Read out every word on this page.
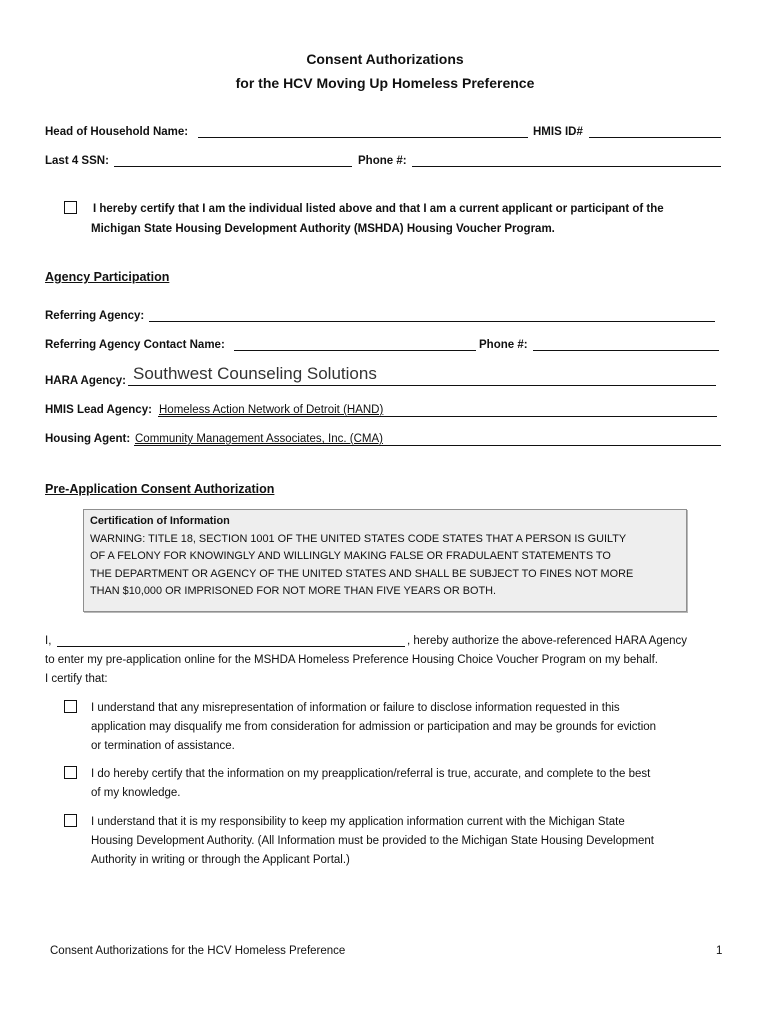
Consent Authorizations
for the HCV Moving Up Homeless Preference
Head of Household Name:	HMIS ID#
Last 4 SSN:	Phone #:
I hereby certify that I am the individual listed above and that I am a current applicant or participant of the
Michigan State Housing Development Authority (MSHDA) Housing Voucher Program.
Agency Participation
Referring Agency:
Referring Agency Contact Name:	Phone #:
HARA Agency: Southwest Counseling Solutions
HMIS Lead Agency: Homeless Action Network of Detroit (HAND)
Housing Agent: Community Management Associates, Inc. (CMA)
Pre-Application Consent Authorization
Certification of Information
WARNING: TITLE 18, SECTION 1001 OF THE UNITED STATES CODE STATES THAT A PERSON IS GUILTY
OF A FELONY FOR KNOWINGLY AND WILLINGLY MAKING FALSE OR FRADULAENT STATEMENTS TO
THE DEPARTMENT OR AGENCY OF THE UNITED STATES AND SHALL BE SUBJECT TO FINES NOT MORE
THAN $10,000 OR IMPRISONED FOR NOT MORE THAN FIVE YEARS OR BOTH.
I,	, hereby authorize the above-referenced HARA Agency
to enter my pre-application online for the MSHDA Homeless Preference Housing Choice Voucher Program on my behalf.
I certify that:
I understand that any misrepresentation of information or failure to disclose information requested in this
application may disqualify me from consideration for admission or participation and may be grounds for eviction
or termination of assistance.
I do hereby certify that the information on my preapplication/referral is true, accurate, and complete to the best
of my knowledge.
I understand that it is my responsibility to keep my application information current with the Michigan State
Housing Development Authority. (All Information must be provided to the Michigan State Housing Development
Authority in writing or through the Applicant Portal.)
Consent Authorizations for the HCV Homeless Preference	1
